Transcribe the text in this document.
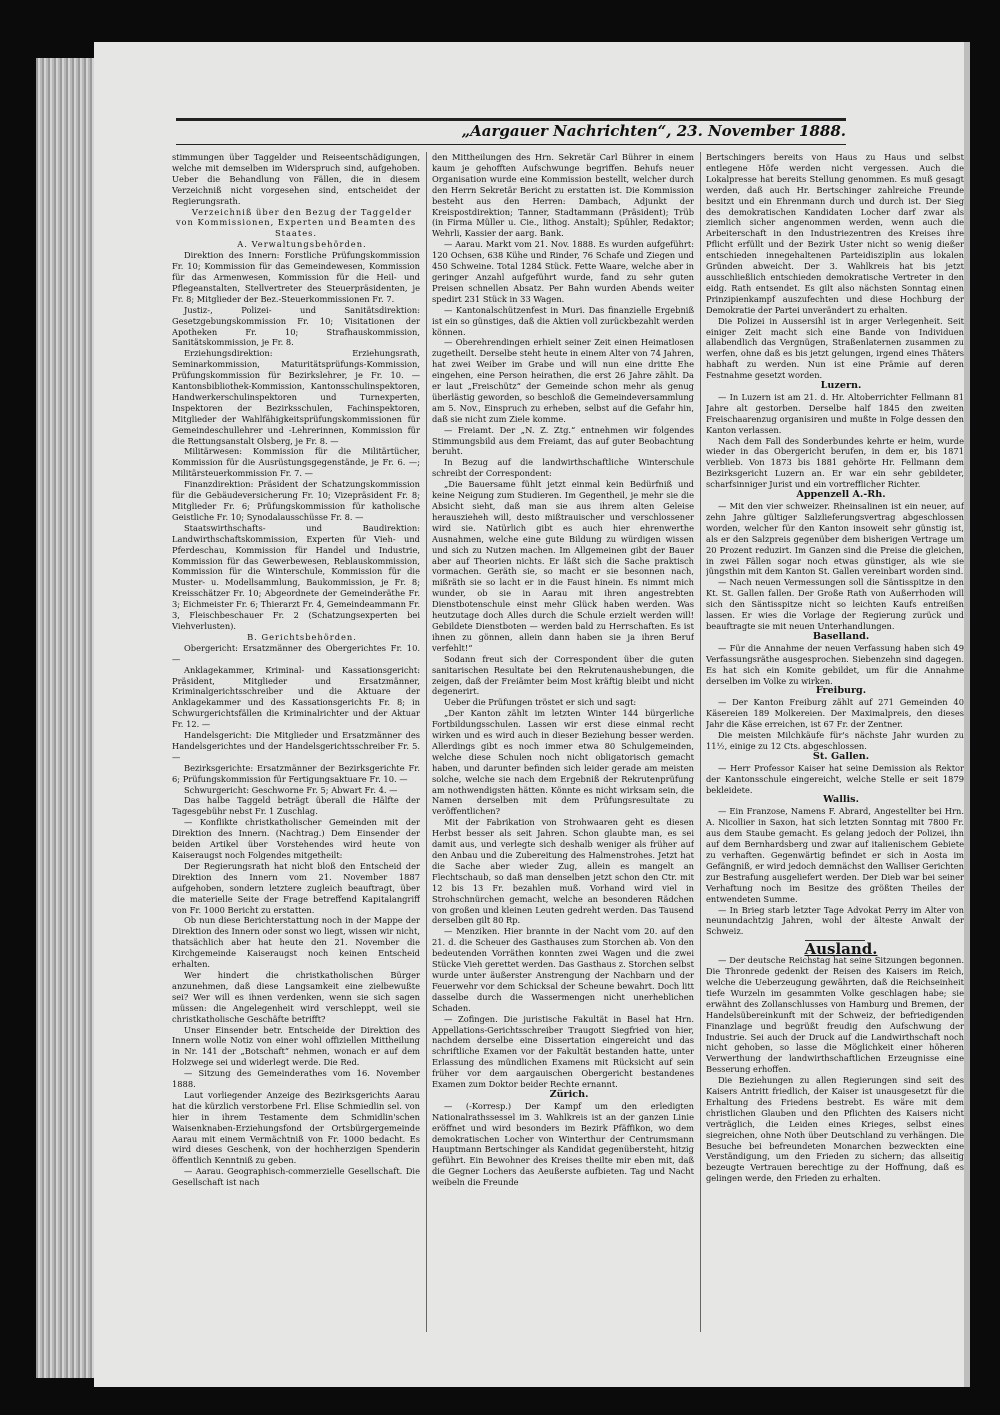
„Aargauer Nachrichten“, 23. November 1888.

stimmungen über Taggelder und Reiseentschädigungen, welche mit demselben im Widerspruch sind, aufgehoben. Ueber die Behandlung von Fällen, die in diesem Verzeichniß nicht vorgesehen sind, entscheidet der Regierungsrath.

Verzeichniß über den Bezug der Taggelder von Kommissionen, Experten und Beamten des Staates.

A. Verwaltungsbehörden.

Direktion des Innern: Forstliche Prüfungskommission Fr. 10; Kommission für das Gemeindewesen, Kommission für das Armenwesen, Kommission für die Heil- und Pflegeanstalten, Stellvertreter des Steuerpräsidenten, je Fr. 8; Mitglieder der Bez.-Steuerkommissionen Fr. 7.

Justiz-, Polizei- und Sanitätsdirektion: Gesetzgebungskommission Fr. 10; Visitationen der Apotheken Fr. 10; Strafhauskommission, Sanitätskommission, je Fr. 8.

Erziehungsdirektion: Erziehungsrath, Seminarkommission, Maturitätsprüfungs-Kommission, Prüfungskommission für Bezirkslehrer, je Fr. 10. — Kantonsbibliothek-Kommission, Kantonsschulinspektoren, Handwerkerschulinspektoren und Turnexperten, Inspektoren der Bezirksschulen, Fachinspektoren, Mitglieder der Wahlfähigkeitsprüfungskommissionen für Gemeindeschullehrer und -Lehrerinnen, Kommission für die Rettungsanstalt Olsberg, je Fr. 8. —

Militärwesen: Kommission für die Militärtücher, Kommission für die Ausrüstungsgegenstände, je Fr. 6. —; Militärsteuerkommission Fr. 7. —

Finanzdirektion: Präsident der Schatzungskommission für die Gebäudeversicherung Fr. 10; Vizepräsident Fr. 8; Mitglieder Fr. 6; Prüfungskommission für katholische Geistliche Fr. 10; Synodalausschüsse Fr. 8. —

Staatswirthschafts- und Baudirektion: Landwirthschaftskommission, Experten für Vieh- und Pferdeschau, Kommission für Handel und Industrie, Kommission für das Gewerbewesen, Reblauskommission, Kommission für die Winterschule, Kommission für die Muster- u. Modellsammlung, Baukommission, je Fr. 8; Kreisschätzer Fr. 10; Abgeordnete der Gemeinderäthe Fr. 3; Eichmeister Fr. 6; Thierarzt Fr. 4, Gemeindeammann Fr. 3, Fleischbeschauer Fr. 2 (Schatzungsexperten bei Viehverlusten).

B. Gerichtsbehörden.

Obergericht: Ersatzmänner des Obergerichtes Fr. 10. —

Anklagekammer, Kriminal- und Kassationsgericht: Präsident, Mitglieder und Ersatzmänner, Kriminalgerichtsschreiber und die Aktuare der Anklagekammer und des Kassationsgerichts Fr. 8; in Schwurgerichtsfällen die Kriminalrichter und der Aktuar Fr. 12. —

Handelsgericht: Die Mitglieder und Ersatzmänner des Handelsgerichtes und der Handelsgerichtsschreiber Fr. 5. —

Bezirksgerichte: Ersatzmänner der Bezirksgerichte Fr. 6; Prüfungskommission für Fertigungsaktuare Fr. 10. —

Schwurgericht: Geschworne Fr. 5; Abwart Fr. 4. —

Das halbe Taggeld beträgt überall die Hälfte der Tagesgebühr nebst Fr. 1 Zuschlag.

— Konflikte christkatholischer Gemeinden mit der Direktion des Innern. (Nachtrag.) Dem Einsender der beiden Artikel über Vorstehendes wird heute von Kaiseraugst noch Folgendes mitgetheilt:

Der Regierungsrath hat nicht bloß den Entscheid der Direktion des Innern vom 21. November 1887 aufgehoben, sondern letztere zugleich beauftragt, über die materielle Seite der Frage betreffend Kapitalangriff von Fr. 1000 Bericht zu erstatten.

Ob nun diese Berichterstattung noch in der Mappe der Direktion des Innern oder sonst wo liegt, wissen wir nicht, thatsächlich aber hat heute den 21. November die Kirchgemeinde Kaiseraugst noch keinen Entscheid erhalten.

Wer hindert die christkatholischen Bürger anzunehmen, daß diese Langsamkeit eine zielbewußte sei? Wer will es ihnen verdenken, wenn sie sich sagen müssen: die Angelegenheit wird verschleppt, weil sie christkatholische Geschäfte betrifft?

Unser Einsender betr. Entscheide der Direktion des Innern wolle Notiz von einer wohl offiziellen Mittheilung in Nr. 141 der „Botschaft“ nehmen, wonach er auf dem Holzwege sei und widerlegt werde. Die Red.

— Sitzung des Gemeinderathes vom 16. November 1888.

Laut vorliegender Anzeige des Bezirksgerichts Aarau hat die kürzlich verstorbene Frl. Elise Schmiedlin sel. von hier in ihrem Testamente dem Schmidlin'schen Waisenknaben-Erziehungsfond der Ortsbürgergemeinde Aarau mit einem Vermächtniß von Fr. 1000 bedacht. Es wird dieses Geschenk, von der hochherzigen Spenderin öffentlich Kenntniß zu geben.

— Aarau. Geographisch-commerzielle Gesellschaft. Die Gesellschaft ist nach

den Mittheilungen des Hrn. Sekretär Carl Bührer in einem kaum je gehofften Aufschwunge begriffen. Behufs neuer Organisation wurde eine Kommission bestellt, welcher durch den Herrn Sekretär Bericht zu erstatten ist. Die Kommission besteht aus den Herren: Dambach, Adjunkt der Kreispostdirektion; Tanner, Stadtammann (Präsident); Trüb (in Firma Müller u. Cie., lithog. Anstalt); Spühler, Redaktor; Wehrli, Kassier der aarg. Bank.

— Aarau. Markt vom 21. Nov. 1888. Es wurden aufgeführt: 120 Ochsen, 638 Kühe und Rinder, 76 Schafe und Ziegen und 450 Schweine. Total 1284 Stück. Fette Waare, welche aber in geringer Anzahl aufgeführt wurde, fand zu sehr guten Preisen schnellen Absatz. Per Bahn wurden Abends weiter spedirt 231 Stück in 33 Wagen.

— Kantonalschützenfest in Muri. Das finanzielle Ergebniß ist ein so günstiges, daß die Aktien voll zurückbezahlt werden können.

— Oberehrendingen erhielt seiner Zeit einen Heimatlosen zugetheilt. Derselbe steht heute in einem Alter von 74 Jahren, hat zwei Weiber im Grabe und will nun eine dritte Ehe eingehen, eine Person heirathen, die erst 26 Jahre zählt. Da er laut „Freischütz“ der Gemeinde schon mehr als genug überlästig geworden, so beschloß die Gemeindeversammlung am 5. Nov., Einspruch zu erheben, selbst auf die Gefahr hin, daß sie nicht zum Ziele komme.

— Freiamt. Der „N. Z. Ztg.“ entnehmen wir folgendes Stimmungsbild aus dem Freiamt, das auf guter Beobachtung beruht.

In Bezug auf die landwirthschaftliche Winterschule schreibt der Correspondent:

„Die Bauersame fühlt jetzt einmal kein Bedürfniß und keine Neigung zum Studieren. Im Gegentheil, je mehr sie die Absicht sieht, daß man sie aus ihrem alten Geleise herauszieheh will, desto mißtrauischer und verschlossener wird sie. Natürlich gibt es auch hier ehrenwerthe Ausnahmen, welche eine gute Bildung zu würdigen wissen und sich zu Nutzen machen. Im Allgemeinen gibt der Bauer aber auf Theorien nichts. Er läßt sich die Sache praktisch vormachen. Geräth sie, so macht er sie besonnen nach, mißräth sie so lacht er in die Faust hinein. Es nimmt mich wunder, ob sie in Aarau mit ihren angestrebten Dienstbotenschule einst mehr Glück haben werden. Was heutzutage doch Alles durch die Schule erzielt werden will! Gebildete Dienstboten — werden bald zu Herrschaften. Es ist ihnen zu gönnen, allein dann haben sie ja ihren Beruf verfehlt!“

Sodann freut sich der Correspondent über die guten sanitarischen Resultate bei den Rekrutenaushebungen, die zeigen, daß der Freiämter beim Most kräftig bleibt und nicht degenerirt.

Ueber die Prüfungen tröstet er sich und sagt:

„Der Kanton zählt im letzten Winter 144 bürgerliche Fortbildungsschulen. Lassen wir erst diese einmal recht wirken und es wird auch in dieser Beziehung besser werden. Allerdings gibt es noch immer etwa 80 Schulgemeinden, welche diese Schulen noch nicht obligatorisch gemacht haben, und darunter befinden sich leider gerade am meisten solche, welche sie nach dem Ergebniß der Rekrutenprüfung am nothwendigsten hätten. Könnte es nicht wirksam sein, die Namen derselben mit dem Prüfungsresultate zu veröffentlichen?

Mit der Fabrikation von Strohwaaren geht es diesen Herbst besser als seit Jahren. Schon glaubte man, es sei damit aus, und verlegte sich deshalb weniger als früher auf den Anbau und die Zubereitung des Halmenstrohes. Jetzt hat die Sache aber wieder Zug, allein es mangelt an Flechtschaub, so daß man denselben jetzt schon den Ctr. mit 12 bis 13 Fr. bezahlen muß. Vorhand wird viel in Strohschnürchen gemacht, welche an besonderen Rädchen von großen und kleinen Leuten gedreht werden. Das Tausend derselben gilt 80 Rp.

— Menziken. Hier brannte in der Nacht vom 20. auf den 21. d. die Scheuer des Gasthauses zum Storchen ab. Von den bedeutenden Vorräthen konnten zwei Wagen und die zwei Stücke Vieh gerettet werden. Das Gasthaus z. Storchen selbst wurde unter äußerster Anstrengung der Nachbarn und der Feuerwehr vor dem Schicksal der Scheune bewahrt. Doch litt dasselbe durch die Wassermengen nicht unerheblichen Schaden.

— Zofingen. Die juristische Fakultät in Basel hat Hrn. Appellations-Gerichtsschreiber Traugott Siegfried von hier, nachdem derselbe eine Dissertation eingereicht und das schriftliche Examen vor der Fakultät bestanden hatte, unter Erlassung des mündlichen Examens mit Rücksicht auf sein früher vor dem aargauischen Obergericht bestandenes Examen zum Doktor beider Rechte ernannt.

Zürich.

— (-Korresp.) Der Kampf um den erledigten Nationalrathssessel im 3. Wahlkreis ist an der ganzen Linie eröffnet und wird besonders im Bezirk Pfäffikon, wo dem demokratischen Locher von Winterthur der Centrumsmann Hauptmann Bertschinger als Kandidat gegenübersteht, hitzig geführt. Ein Bewohner des Kreises theilte mir eben mit, daß die Gegner Lochers das Aeußerste aufbieten. Tag und Nacht weibeln die Freunde

Bertschingers bereits von Haus zu Haus und selbst entlegene Höfe werden nicht vergessen. Auch die Lokalpresse hat bereits Stellung genommen. Es muß gesagt werden, daß auch Hr. Bertschinger zahlreiche Freunde besitzt und ein Ehrenmann durch und durch ist. Der Sieg des demokratischen Kandidaten Locher darf zwar als ziemlich sicher angenommen werden, wenn auch die Arbeiterschaft in den Industriezentren des Kreises ihre Pflicht erfüllt und der Bezirk Uster nicht so wenig dießer entschieden innegehaltenen Parteidisziplin aus lokalen Gründen abweicht. Der 3. Wahlkreis hat bis jetzt ausschließlich entschieden demokratische Vertreter in den eidg. Rath entsendet. Es gilt also nächsten Sonntag einen Prinzipienkampf auszufechten und diese Hochburg der Demokratie der Partei unverändert zu erhalten.

Die Polizei in Aussersihl ist in arger Verlegenheit. Seit einiger Zeit macht sich eine Bande von Individuen allabendlich das Vergnügen, Straßenlaternen zusammen zu werfen, ohne daß es bis jetzt gelungen, irgend eines Thäters habhaft zu werden. Nun ist eine Prämie auf deren Festnahme gesetzt worden.

Luzern.

— In Luzern ist am 21. d. Hr. Altoberrichter Fellmann 81 Jahre alt gestorben. Derselbe half 1845 den zweiten Freischaarenzug organisiren und mußte in Folge dessen den Kanton verlassen.

Nach dem Fall des Sonderbundes kehrte er heim, wurde wieder in das Obergericht berufen, in dem er, bis 1871 verblieb. Von 1873 bis 1881 gehörte Hr. Fellmann dem Bezirksgericht Luzern an. Er war ein sehr gebildeter, scharfsinniger Jurist und ein vortrefflicher Richter.

Appenzell A.-Rh.

— Mit den vier schweizer. Rheinsalinen ist ein neuer, auf zehn Jahre gültiger Salzlieferungsvertrag abgeschlossen worden, welcher für den Kanton insoweit sehr günstig ist, als er den Salzpreis gegenüber dem bisherigen Vertrage um 20 Prozent reduzirt. Im Ganzen sind die Preise die gleichen, in zwei Fällen sogar noch etwas günstiger, als wie sie jüngsthin mit dem Kanton St. Gallen vereinbart worden sind.

— Nach neuen Vermessungen soll die Säntisspitze in den Kt. St. Gallen fallen. Der Große Rath von Außerrhoden will sich den Säntisspitze nicht so leichten Kaufs entreißen lassen. Er wies die Vorlage der Regierung zurück und beauftragte sie mit neuen Unterhandlungen.

Baselland.

— Für die Annahme der neuen Verfassung haben sich 49 Verfassungsräthe ausgesprochen. Siebenzehn sind dagegen. Es hat sich ein Komite gebildet, um für die Annahme derselben im Volke zu wirken.

Freiburg.

— Der Kanton Freiburg zählt auf 271 Gemeinden 40 Käsereien 189 Molkereien. Der Maximalpreis, den dieses Jahr die Käse erreichen, ist 67 Fr. der Zentner.

Die meisten Milchkäufe für's nächste Jahr wurden zu 11½, einige zu 12 Cts. abgeschlossen.

St. Gallen.

— Herr Professor Kaiser hat seine Demission als Rektor der Kantonsschule eingereicht, welche Stelle er seit 1879 bekleidete.

Wallis.

— Ein Franzose, Namens F. Abrard, Angestellter bei Hrn. A. Nicollier in Saxon, hat sich letzten Sonntag mit 7800 Fr. aus dem Staube gemacht. Es gelang jedoch der Polizei, ihn auf dem Bernhardsberg und zwar auf italienischem Gebiete zu verhaften. Gegenwärtig befindet er sich in Aosta im Gefängniß, er wird jedoch demnächst den Walliser Gerichten zur Bestrafung ausgeliefert werden. Der Dieb war bei seiner Verhaftung noch im Besitze des größten Theiles der entwendeten Summe.

— In Brieg starb letzter Tage Advokat Perry im Alter von neunundachtzig Jahren, wohl der älteste Anwalt der Schweiz.

Ausland.

— Der deutsche Reichstag hat seine Sitzungen begonnen. Die Thronrede gedenkt der Reisen des Kaisers im Reich, welche die Ueberzeugung gewährten, daß die Reichseinheit tiefe Wurzeln im gesammten Volke geschlagen habe; sie erwähnt des Zollanschlusses von Hamburg und Bremen, der Handelsübereinkunft mit der Schweiz, der befriedigenden Finanzlage und begrüßt freudig den Aufschwung der Industrie. Sei auch der Druck auf die Landwirthschaft noch nicht gehoben, so lasse die Möglichkeit einer höheren Verwerthung der landwirthschaftlichen Erzeugnisse eine Besserung erhoffen.

Die Beziehungen zu allen Regierungen sind seit des Kaisers Antritt friedlich, der Kaiser ist unausgesetzt für die Erhaltung des Friedens bestrebt. Es wäre mit dem christlichen Glauben und den Pflichten des Kaisers nicht verträglich, die Leiden eines Krieges, selbst eines siegreichen, ohne Noth über Deutschland zu verhängen. Die Besuche bei befreundeten Monarchen bezweckten eine Verständigung, um den Frieden zu sichern; das allseitig bezeugte Vertrauen berechtige zu der Hoffnung, daß es gelingen werde, den Frieden zu erhalten.
